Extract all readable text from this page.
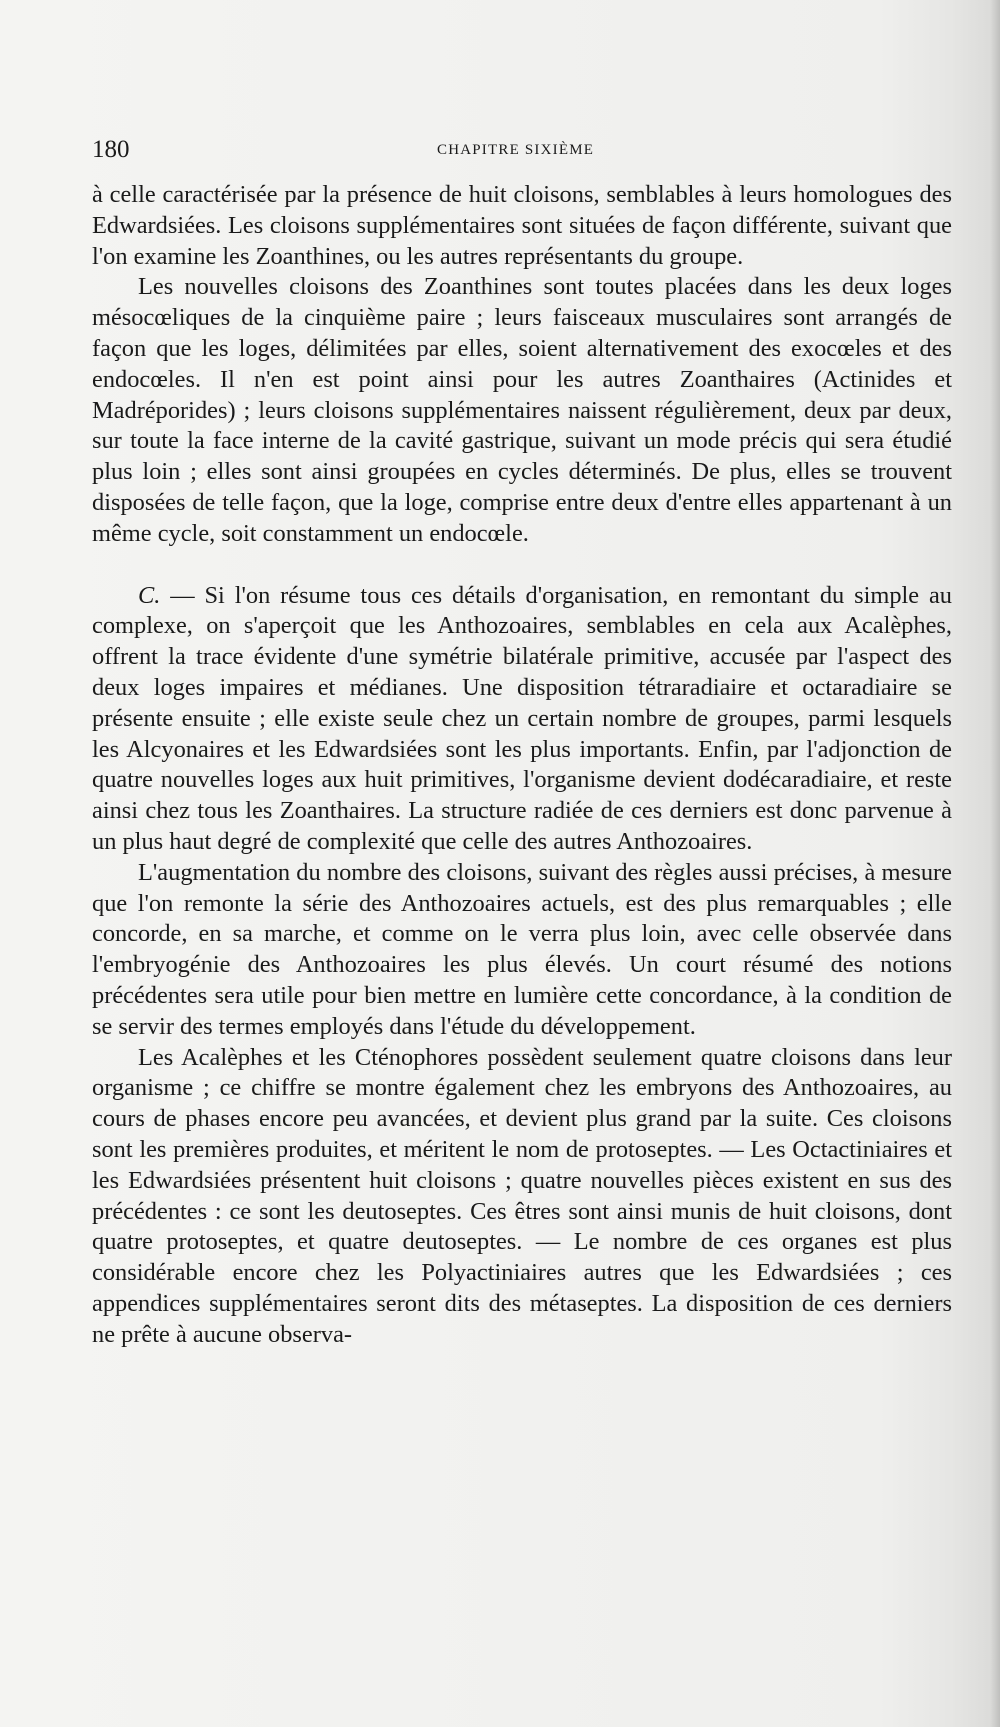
180	CHAPITRE SIXIÈME

à celle caractérisée par la présence de huit cloisons, semblables à leurs homologues des Edwardsiées. Les cloisons supplémentaires sont situées de façon différente, suivant que l'on examine les Zoanthines, ou les autres représentants du groupe.

Les nouvelles cloisons des Zoanthines sont toutes placées dans les deux loges mésocœliques de la cinquième paire ; leurs faisceaux musculaires sont arrangés de façon que les loges, délimitées par elles, soient alternativement des exocœles et des endocœles. Il n'en est point ainsi pour les autres Zoanthaires (Actinides et Madréporides) ; leurs cloisons supplémentaires naissent régulièrement, deux par deux, sur toute la face interne de la cavité gastrique, suivant un mode précis qui sera étudié plus loin ; elles sont ainsi groupées en cycles déterminés. De plus, elles se trouvent disposées de telle façon, que la loge, comprise entre deux d'entre elles appartenant à un même cycle, soit constamment un endocœle.

C. — Si l'on résume tous ces détails d'organisation, en remontant du simple au complexe, on s'aperçoit que les Anthozoaires, semblables en cela aux Acalèphes, offrent la trace évidente d'une symétrie bilatérale primitive, accusée par l'aspect des deux loges impaires et médianes. Une disposition tétraradiaire et octaradiaire se présente ensuite ; elle existe seule chez un certain nombre de groupes, parmi lesquels les Alcyonaires et les Edwardsiées sont les plus importants. Enfin, par l'adjonction de quatre nouvelles loges aux huit primitives, l'organisme devient dodécaradiaire, et reste ainsi chez tous les Zoanthaires. La structure radiée de ces derniers est donc parvenue à un plus haut degré de complexité que celle des autres Anthozoaires.

L'augmentation du nombre des cloisons, suivant des règles aussi précises, à mesure que l'on remonte la série des Anthozoaires actuels, est des plus remarquables ; elle concorde, en sa marche, et comme on le verra plus loin, avec celle observée dans l'embryogénie des Anthozoaires les plus élevés. Un court résumé des notions précédentes sera utile pour bien mettre en lumière cette concordance, à la condition de se servir des termes employés dans l'étude du développement.

Les Acalèphes et les Cténophores possèdent seulement quatre cloisons dans leur organisme ; ce chiffre se montre également chez les embryons des Anthozoaires, au cours de phases encore peu avancées, et devient plus grand par la suite. Ces cloisons sont les premières produites, et méritent le nom de protoseptes. — Les Octactiniaires et les Edwardsiées présentent huit cloisons ; quatre nouvelles pièces existent en sus des précédentes : ce sont les deutoseptes. Ces êtres sont ainsi munis de huit cloisons, dont quatre protoseptes, et quatre deutoseptes. — Le nombre de ces organes est plus considérable encore chez les Polyactiniaires autres que les Edwardsiées ; ces appendices supplémentaires seront dits des métaseptes. La disposition de ces derniers ne prête à aucune observa-
